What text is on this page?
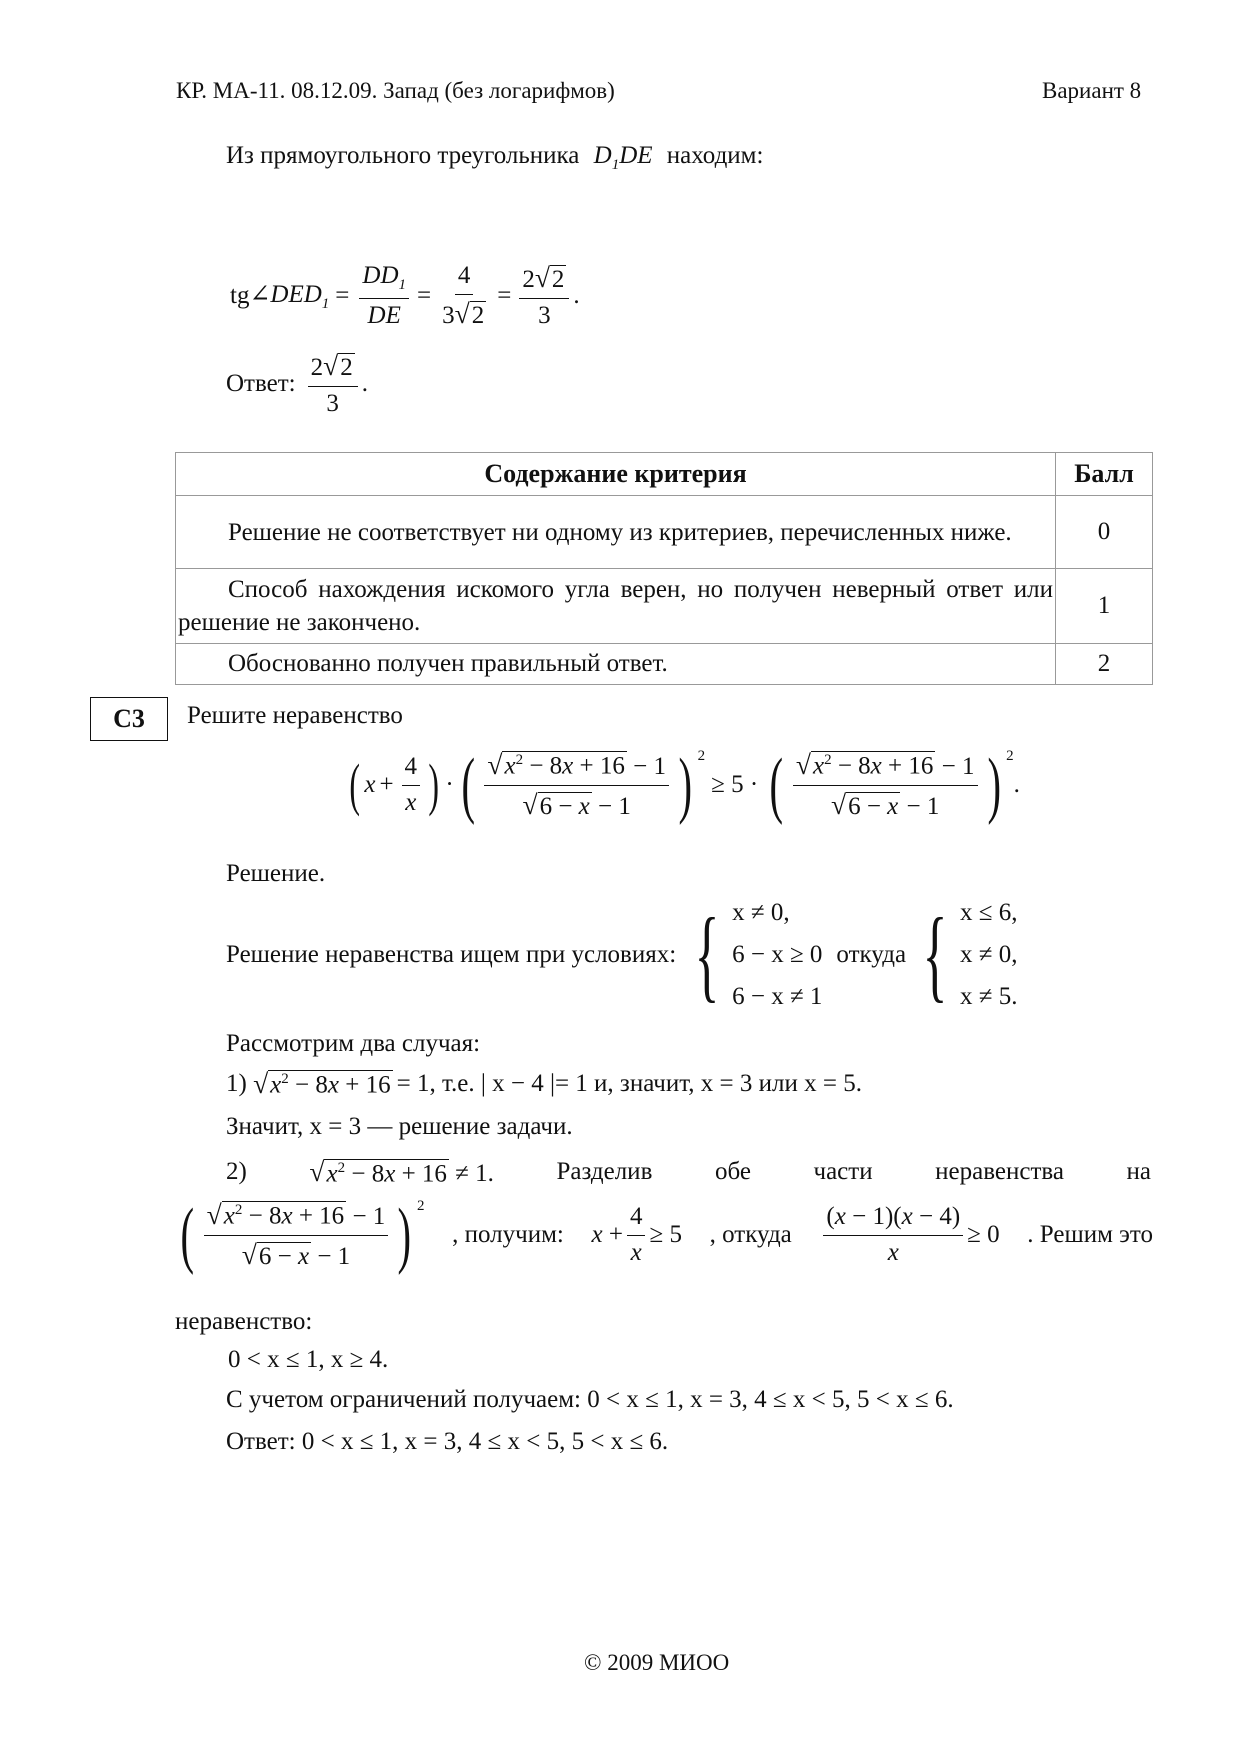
КР. МА-11. 08.12.09. Запад (без логарифмов)	Вариант 8
Из прямоугольного треугольника $D_1DE$ находим:
tg $\angle DED_1 = \frac{DD_1}{DE} = \frac{4}{3√2} = \frac{2√2}{3}$ .
Ответ: $\frac{2√2}{3}$ .
Содержание критерия	Балл
Решение не соответствует ни одному из критериев, перечисленных ниже.	0
Способ нахождения искомого угла верен, но получен неверный ответ или решение не закончено.	1
Обоснованно получен правильный ответ.	2
С3	Решите неравенство
( $x + \frac{4}{x}$ ) · ( $\frac{√x^2 - 8x + 16 - 1}{√6 - x - 1}$ ) $^2$
≥ 5 · ( $\frac{√x^2 - 8x + 16 - 1}{√6 - x - 1}$ ) $^2$
.
Решение.
Решение неравенства ищем при условиях: { x ≠ 0,
6 − x ≥ 0
6 − x ≠ 1
откуда { x ≤ 6,
x ≠ 0,
x ≠ 5.
Рассмотрим два случая:
1) √ $x^2 - 8x + 16 = 1$, т.е. | x − 4 |= 1 и, значит, x = 3 или x = 5.
Значит, x = 3 — решение задачи.
2) $√x^2 - 8x + 16 \ne 1$.	Разделив	обе	части	неравенства	на
( $\frac{√x^2 - 8x + 16 - 1}{√6 - x - 1}$ ) $^2$
, получим: $x + \frac{4}{x} \ge 5$ , откуда $\frac{(x - 1)(x - 4)}{x} \ge 0$ . Решим это
неравенство:
0 < x ≤ 1, x ≥ 4.
С учетом ограничений получаем: 0 < x ≤ 1, x = 3, 4 ≤ x < 5, 5 < x ≤ 6.
Ответ: 0 < x ≤ 1, x = 3, 4 ≤ x < 5, 5 < x ≤ 6.
© 2009 МИОО
